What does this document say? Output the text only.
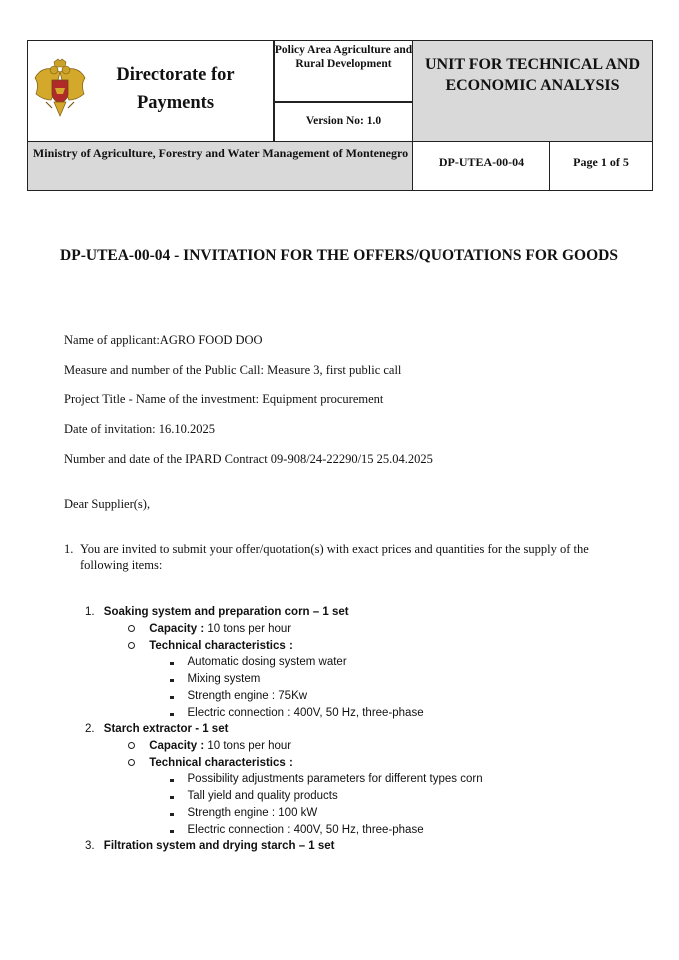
Directorate for Payments
Policy Area Agriculture and Rural Development
Version No: 1.0
UNIT FOR TECHNICAL AND ECONOMIC ANALYSIS
Ministry of Agriculture, Forestry and Water Management of Montenegro
DP-UTEA-00-04	Page 1 of 5
DP-UTEA-00-04 - INVITATION FOR THE OFFERS/QUOTATIONS FOR GOODS
Name of applicant:AGRO FOOD DOO
Measure and number of the Public Call: Measure 3, first public call
Project Title - Name of the investment: Equipment procurement
Date of invitation: 16.10.2025
Number and date of the IPARD Contract 09-908/24-22290/15 25.04.2025
Dear Supplier(s),
1. You are invited to submit your offer/quotation(s) with exact prices and quantities for the supply of the following items:
1. Soaking system and preparation corn – 1 set
Capacity : 10 tons per hour
Technical characteristics :
Automatic dosing system water
Mixing system
Strength engine : 75Kw
Electric connection : 400V, 50 Hz, three-phase
2. Starch extractor - 1 set
Capacity : 10 tons per hour
Technical characteristics :
Possibility adjustments parameters for different types corn
Tall yield and quality products
Strength engine : 100 kW
Electric connection : 400V, 50 Hz, three-phase
3. Filtration system and drying starch – 1 set
